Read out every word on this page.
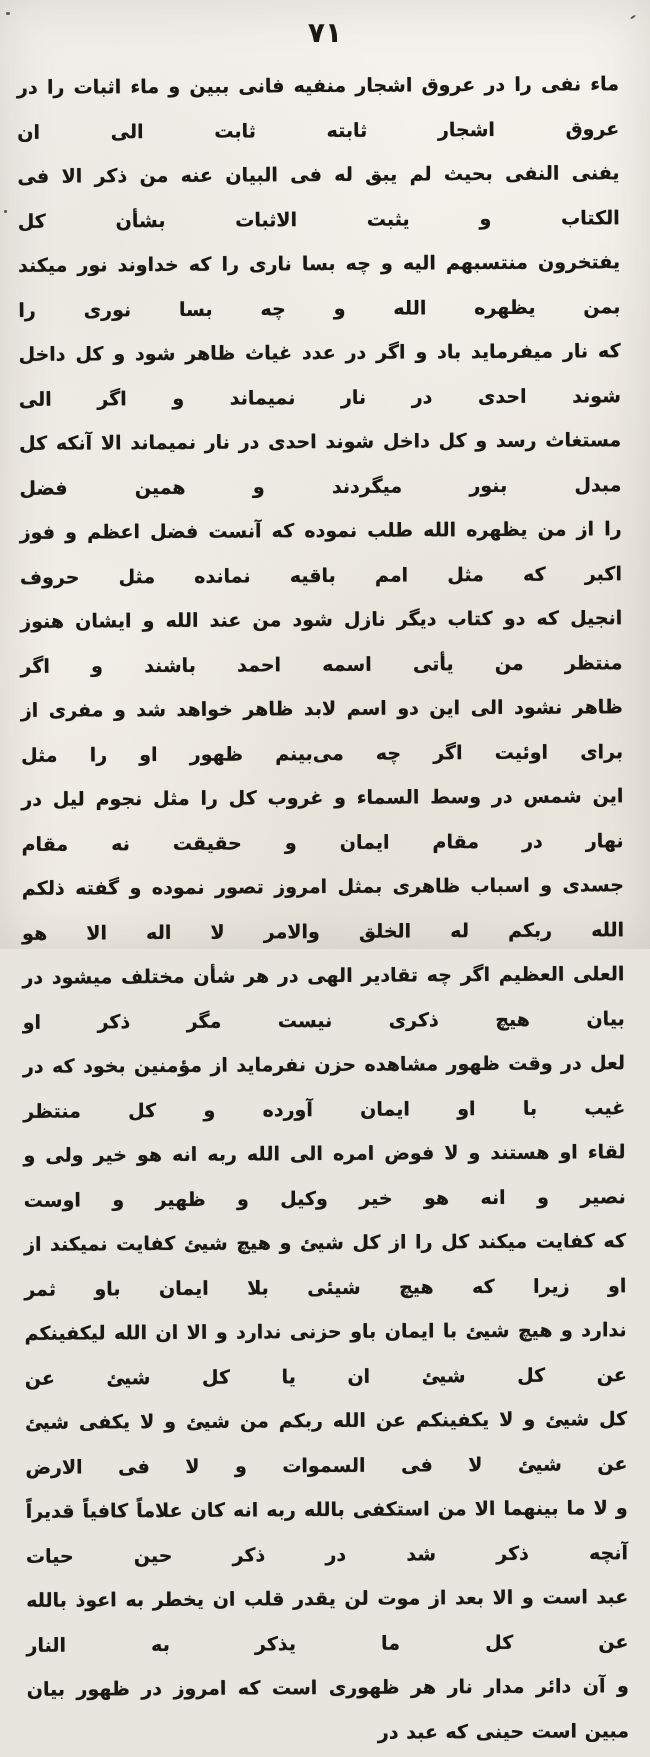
٧١
ماء نفی را در عروق اشجار منفیه فانی ببین و ماء اثبات را در عروق اشجار ثابته ثابت الی ان
یفنی النفی بحیث لم یبق له فی البیان عنه من ذکر الا فی الکتاب و یثبت الاثبات بشأن کل
یفتخرون منتسبهم الیه و چه بسا ناری را که خداوند نور میکند بمن یظهره الله و چه بسا نوری را
که نار میفرماید باد و اگر در عدد غیاث ظاهر شود و کل داخل شوند احدی در نار نمیماند و اگر الی
مستغاث رسد و کل داخل شوند احدی در نار نمیماند الا آنکه کل مبدل بنور میگردند و همین فضل
را از من یظهره الله طلب نموده که آنست فضل اعظم و فوز اکبر که مثل امم باقیه نمانده مثل حروف
انجیل که دو کتاب دیگر نازل شود من عند الله و ایشان هنوز منتظر من یأتی اسمه احمد باشند و اگر
ظاهر نشود الی این دو اسم لابد ظاهر خواهد شد و مفری از برای اوئیت اگر چه می‌بینم ظهور او را مثل
این شمس در وسط السماء و غروب کل را مثل نجوم لیل در نهار در مقام ایمان و حقیقت نه مقام
جسدی و اسباب ظاهری بمثل امروز تصور نموده و گفته ذلکم الله ربکم له الخلق والامر لا اله الا هو
العلی العظیم اگر چه تقادیر الهی در هر شأن مختلف میشود در بیان هیچ ذکری نیست مگر ذکر او
لعل در وقت ظهور مشاهده حزن نفرماید از مؤمنین بخود که در غیب با او ایمان آورده و کل منتظر
لقاء او هستند و لا فوض امره الی الله ربه انه هو خیر ولی و نصیر و انه هو خیر وکیل و ظهیر و اوست
که کفایت میکند کل را از کل شیئ و هیچ شیئ کفایت نمیکند از او زیرا که هیچ شیئی بلا ایمان باو ثمر
ندارد و هیچ شیئ با ایمان باو حزنی ندارد و الا ان الله لیکفینکم عن کل شیئ ان یا کل شیئ عن
کل شیئ و لا یکفینکم عن الله ربکم من شیئ و لا یکفی شیئ عن شیئ لا فی السموات و لا فی الارض
و لا ما بینهما الا من استکفی بالله ربه انه کان علاماً کافیاً قدیراً آنچه ذکر شد در ذکر حین حیات
عبد است و الا بعد از موت لن یقدر قلب ان یخطر به اعوذ بالله عن کل ما یذکر به النار
و آن دائر مدار نار هر ظهوری است که امروز در ظهور بیان مبین است حینی که عبد در
